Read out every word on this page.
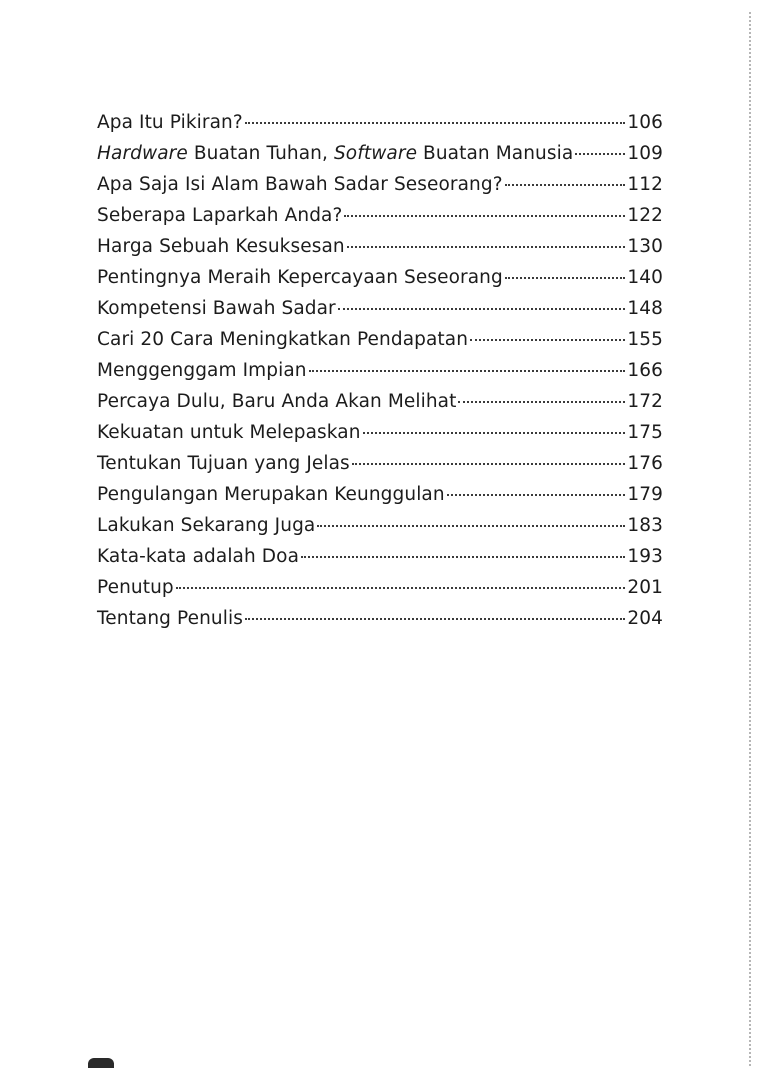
Apa Itu Pikiran?	106
Hardware Buatan Tuhan, Software Buatan Manusia	109
Apa Saja Isi Alam Bawah Sadar Seseorang?	112
Seberapa Laparkah Anda?	122
Harga Sebuah Kesuksesan	130
Pentingnya Meraih Kepercayaan Seseorang	140
Kompetensi Bawah Sadar	148
Cari 20 Cara Meningkatkan Pendapatan	155
Menggenggam Impian	166
Percaya Dulu, Baru Anda Akan Melihat	172
Kekuatan untuk Melepaskan	175
Tentukan Tujuan yang Jelas	176
Pengulangan Merupakan Keunggulan	179
Lakukan Sekarang Juga	183
Kata-kata adalah Doa	193
Penutup	201
Tentang Penulis	204
